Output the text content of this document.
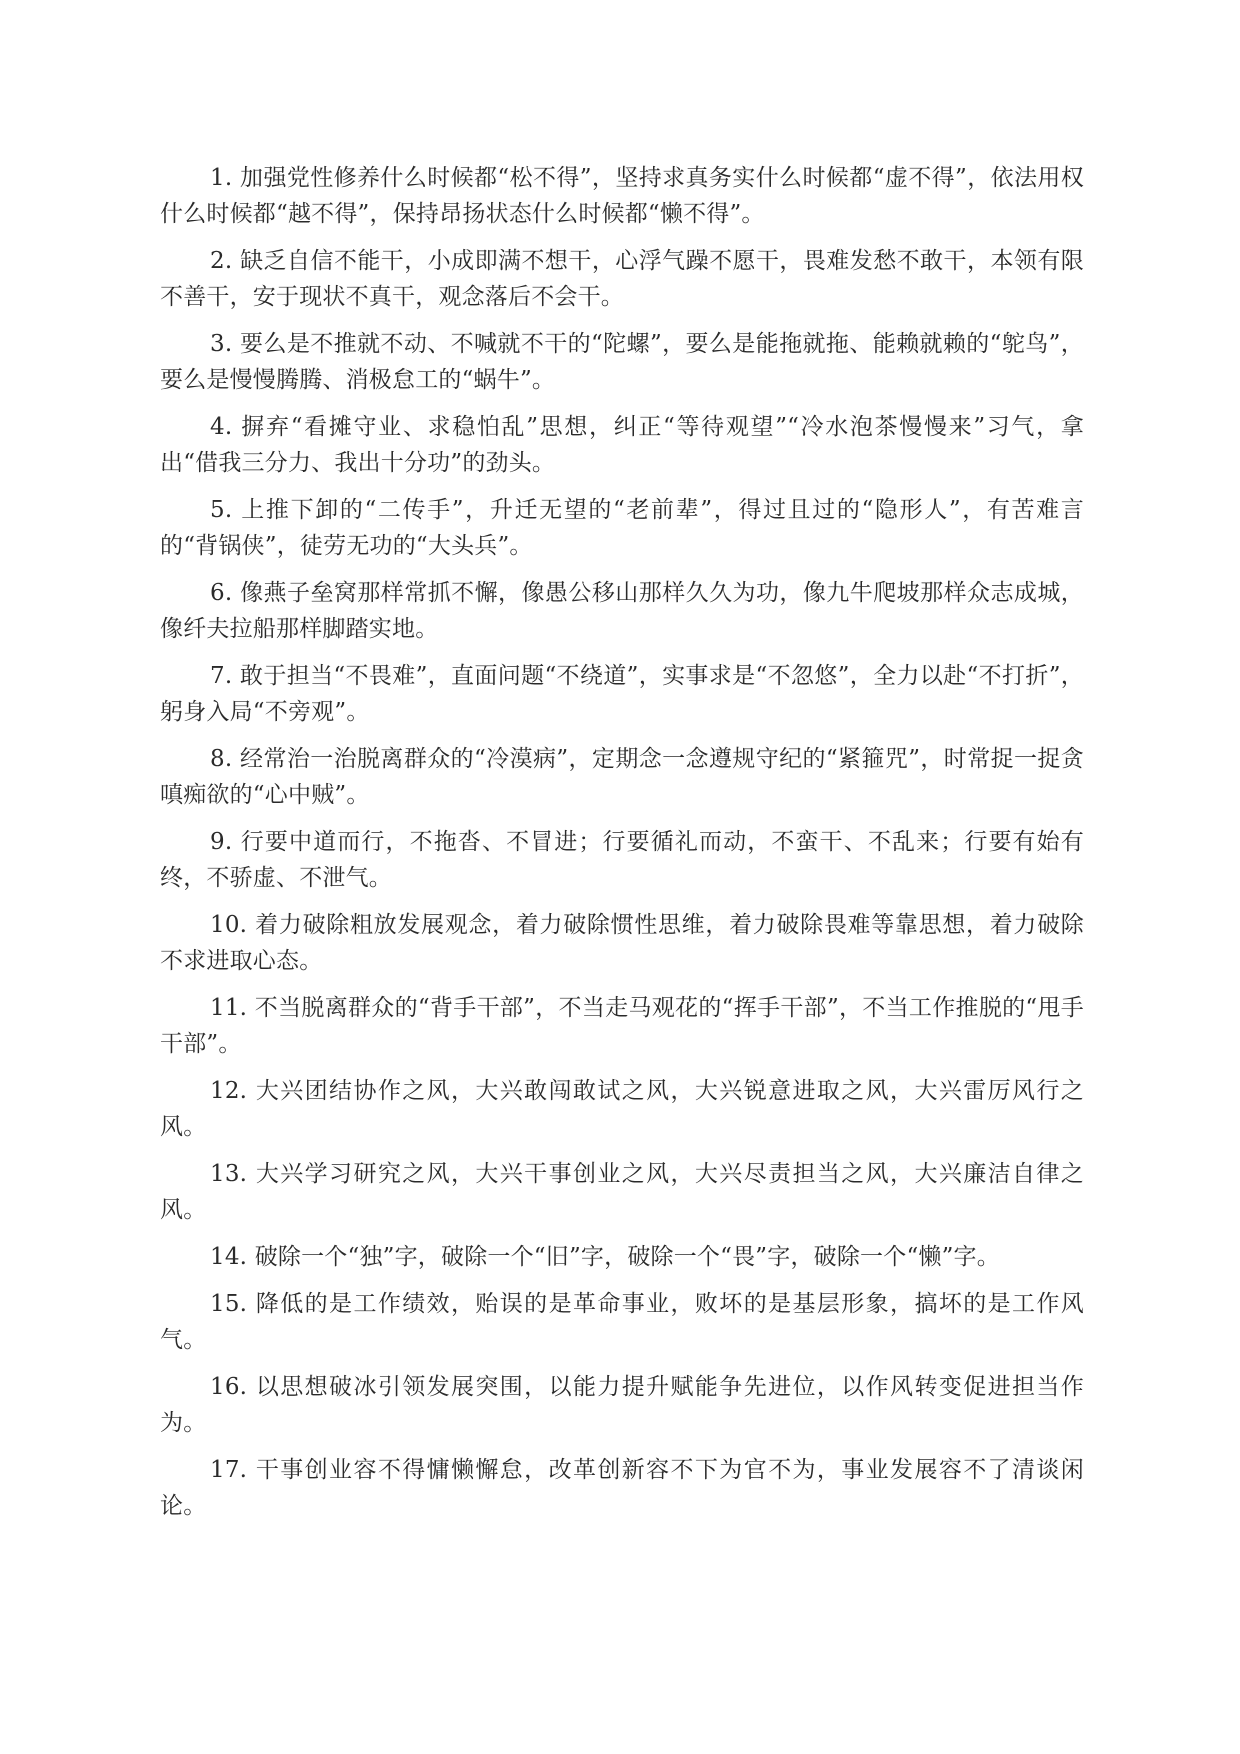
1. 加强党性修养什么时候都“松不得”，坚持求真务实什么时候都“虚不得”，依法用权什么时候都“越不得”，保持昂扬状态什么时候都“懒不得”。

2. 缺乏自信不能干，小成即满不想干，心浮气躁不愿干，畏难发愁不敢干，本领有限不善干，安于现状不真干，观念落后不会干。

3. 要么是不推就不动、不喊就不干的“陀螺”，要么是能拖就拖、能赖就赖的“鸵鸟”，要么是慢慢腾腾、消极怠工的“蜗牛”。

4. 摒弃“看摊守业、求稳怕乱”思想，纠正“等待观望”“冷水泡茶慢慢来”习气，拿出“借我三分力、我出十分功”的劲头。

5. 上推下卸的“二传手”，升迁无望的“老前辈”，得过且过的“隐形人”，有苦难言的“背锅侠”，徒劳无功的“大头兵”。

6. 像燕子垒窝那样常抓不懈，像愚公移山那样久久为功，像九牛爬坡那样众志成城，像纤夫拉船那样脚踏实地。

7. 敢于担当“不畏难”，直面问题“不绕道”，实事求是“不忽悠”，全力以赴“不打折”，躬身入局“不旁观”。

8. 经常治一治脱离群众的“冷漠病”，定期念一念遵规守纪的“紧箍咒”，时常捉一捉贪嗔痴欲的“心中贼”。

9. 行要中道而行，不拖沓、不冒进；行要循礼而动，不蛮干、不乱来；行要有始有终，不骄虚、不泄气。

10. 着力破除粗放发展观念，着力破除惯性思维，着力破除畏难等靠思想，着力破除不求进取心态。

11. 不当脱离群众的“背手干部”，不当走马观花的“挥手干部”，不当工作推脱的“甩手干部”。

12. 大兴团结协作之风，大兴敢闯敢试之风，大兴锐意进取之风，大兴雷厉风行之风。

13. 大兴学习研究之风，大兴干事创业之风，大兴尽责担当之风，大兴廉洁自律之风。

14. 破除一个“独”字，破除一个“旧”字，破除一个“畏”字，破除一个“懒”字。

15. 降低的是工作绩效，贻误的是革命事业，败坏的是基层形象，搞坏的是工作风气。

16. 以思想破冰引领发展突围，以能力提升赋能争先进位，以作风转变促进担当作为。

17. 干事创业容不得慵懒懈怠，改革创新容不下为官不为，事业发展容不了清谈闲论。
